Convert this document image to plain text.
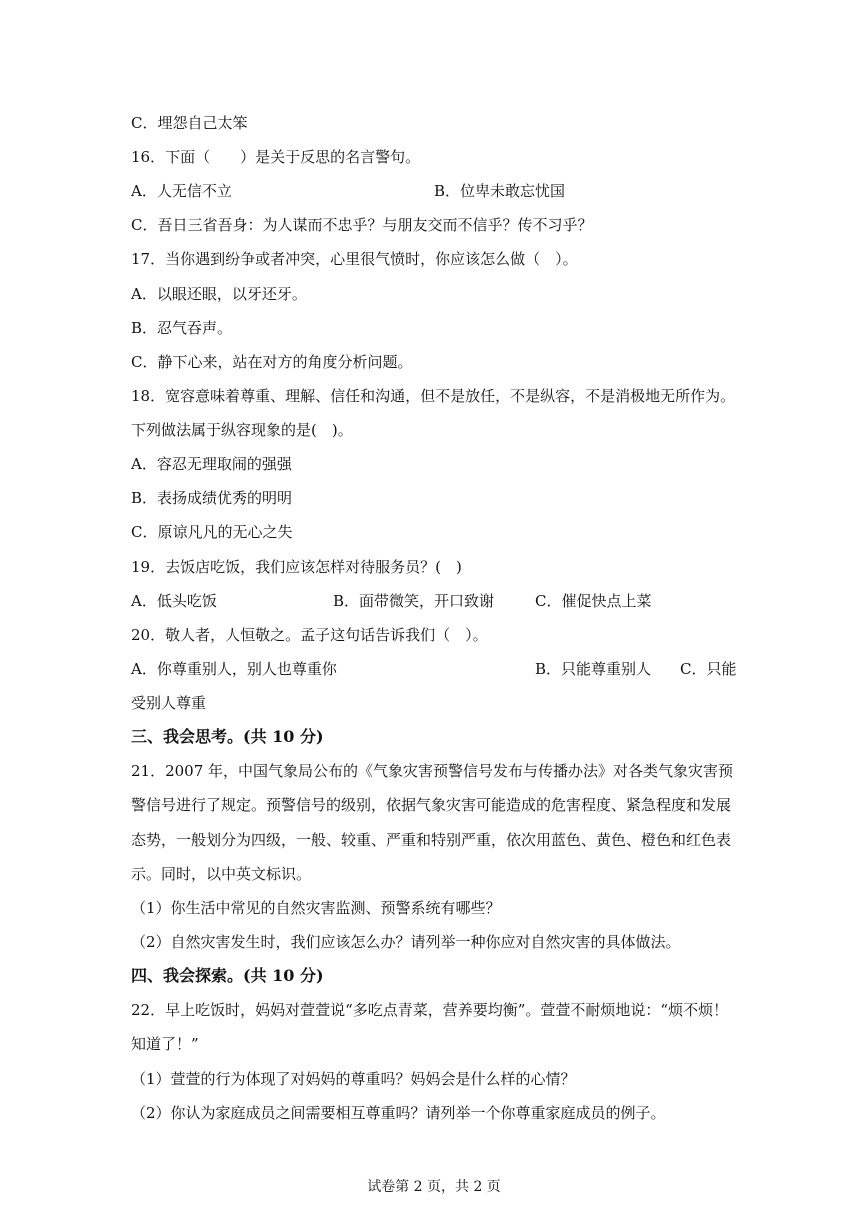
C．埋怨自己太笨
16．下面（　　）是关于反思的名言警句。
A．人无信不立	B．位卑未敢忘忧国
C．吾日三省吾身：为人谋而不忠乎？与朋友交而不信乎？传不习乎？
17．当你遇到纷争或者冲突，心里很气愤时，你应该怎么做（　）。
A．以眼还眼，以牙还牙。
B．忍气吞声。
C．静下心来，站在对方的角度分析问题。
18．宽容意味着尊重、理解、信任和沟通，但不是放任，不是纵容，不是消极地无所作为。
下列做法属于纵容现象的是(　)。
A．容忍无理取闹的强强
B．表扬成绩优秀的明明
C．原谅凡凡的无心之失
19．去饭店吃饭，我们应该怎样对待服务员？(　)
A．低头吃饭	B．面带微笑，开口致谢	C．催促快点上菜
20．敬人者，人恒敬之。孟子这句话告诉我们（　）。
A．你尊重别人，别人也尊重你	B．只能尊重别人 C．只能
受别人尊重
三、我会思考。(共 10 分)
21．2007 年，中国气象局公布的《气象灾害预警信号发布与传播办法》对各类气象灾害预
警信号进行了规定。预警信号的级别，依据气象灾害可能造成的危害程度、紧急程度和发展
态势，一般划分为四级，一般、较重、严重和特别严重，依次用蓝色、黄色、橙色和红色表
示。同时，以中英文标识。
（1）你生活中常见的自然灾害监测、预警系统有哪些？
（2）自然灾害发生时，我们应该怎么办？请列举一种你应对自然灾害的具体做法。
四、我会探索。(共 10 分)
22．早上吃饭时，妈妈对萱萱说“多吃点青菜，营养要均衡”。萱萱不耐烦地说：“烦不烦！
知道了！”
（1）萱萱的行为体现了对妈妈的尊重吗？妈妈会是什么样的心情？
（2）你认为家庭成员之间需要相互尊重吗？请列举一个你尊重家庭成员的例子。
试卷第 2 页，共 2 页
